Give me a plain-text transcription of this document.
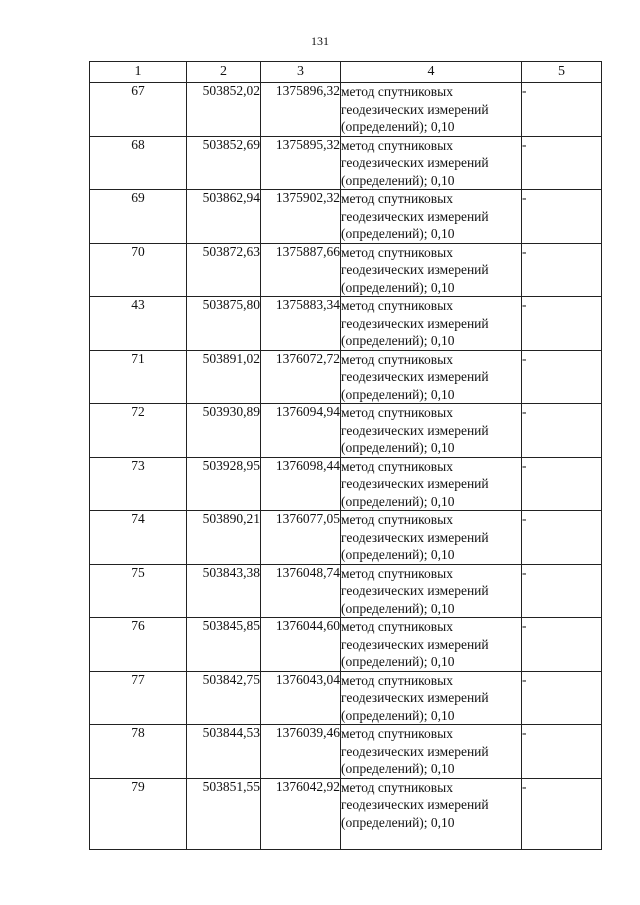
131
1	2	3	4	5
67	503852,02	1375896,32	метод спутниковых геодезических измерений (определений); 0,10	-
68	503852,69	1375895,32	метод спутниковых геодезических измерений (определений); 0,10	-
69	503862,94	1375902,32	метод спутниковых геодезических измерений (определений); 0,10	-
70	503872,63	1375887,66	метод спутниковых геодезических измерений (определений); 0,10	-
43	503875,80	1375883,34	метод спутниковых геодезических измерений (определений); 0,10	-
71	503891,02	1376072,72	метод спутниковых геодезических измерений (определений); 0,10	-
72	503930,89	1376094,94	метод спутниковых геодезических измерений (определений); 0,10	-
73	503928,95	1376098,44	метод спутниковых геодезических измерений (определений); 0,10	-
74	503890,21	1376077,05	метод спутниковых геодезических измерений (определений); 0,10	-
75	503843,38	1376048,74	метод спутниковых геодезических измерений (определений); 0,10	-
76	503845,85	1376044,60	метод спутниковых геодезических измерений (определений); 0,10	-
77	503842,75	1376043,04	метод спутниковых геодезических измерений (определений); 0,10	-
78	503844,53	1376039,46	метод спутниковых геодезических измерений (определений); 0,10	-
79	503851,55	1376042,92	метод спутниковых геодезических измерений (определений); 0,10	-
